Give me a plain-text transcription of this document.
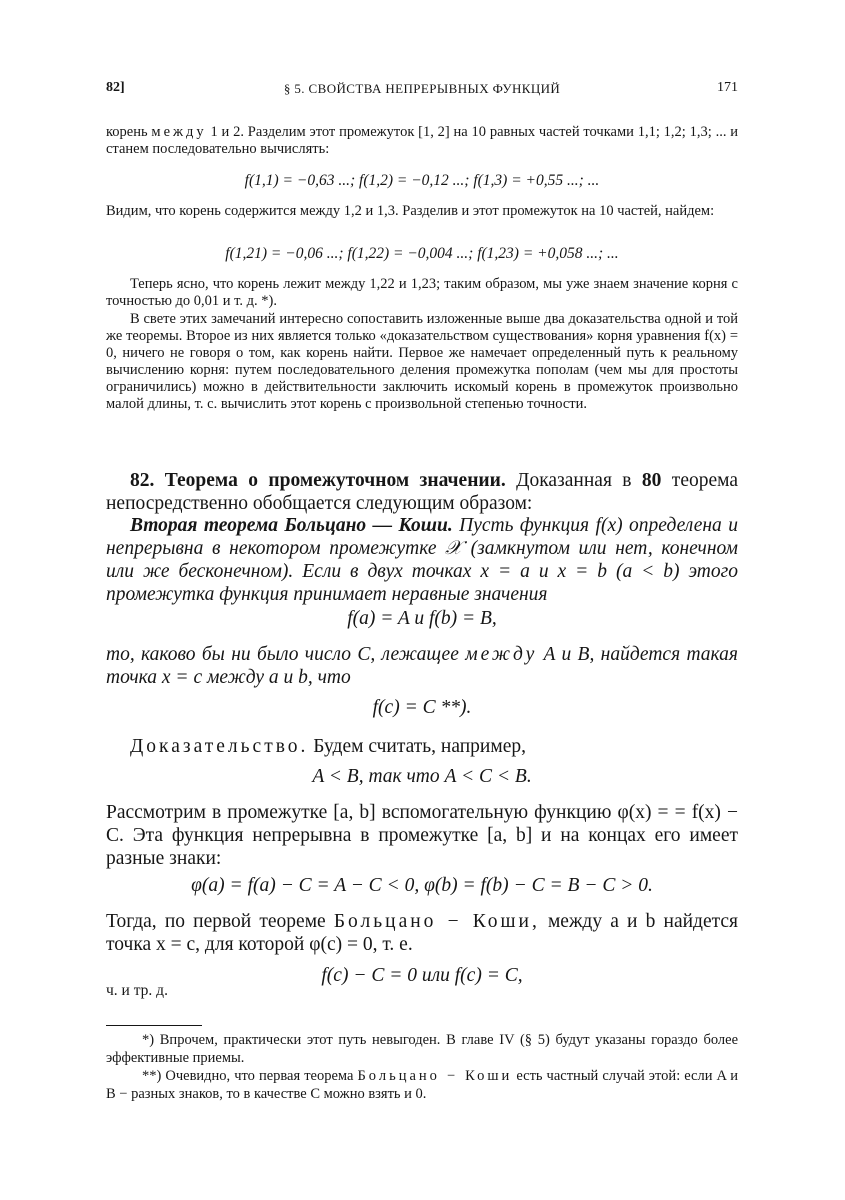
82]	§ 5. СВОЙСТВА НЕПРЕРЫВНЫХ ФУНКЦИЙ	171
корень между 1 и 2. Разделим этот промежуток [1, 2] на 10 равных частей точками 1,1; 1,2; 1,3; ... и станем последовательно вычислять:
f(1,1) = −0,63 ...; f(1,2) = −0,12 ...; f(1,3) = +0,55 ...; ...
Видим, что корень содержится между 1,2 и 1,3. Разделив и этот промежуток на 10 частей, найдем:
f(1,21) = −0,06 ...; f(1,22) = −0,004 ...; f(1,23) = +0,058 ...; ...
Теперь ясно, что корень лежит между 1,22 и 1,23; таким образом, мы уже знаем значение корня с точностью до 0,01 и т. д. *).
В свете этих замечаний интересно сопоставить изложенные выше два доказательства одной и той же теоремы. Второе из них является только «доказательством существования» корня уравнения f(x) = 0, ничего не говоря о том, как корень найти. Первое же намечает определенный путь к реальному вычислению корня: путем последовательного деления промежутка пополам (чем мы для простоты ограничились) можно в действительности заключить искомый корень в промежуток произвольно малой длины, т. с. вычислить этот корень с произвольной степенью точности.
82. Теорема о промежуточном значении. Доказанная в 80 теорема непосредственно обобщается следующим образом:
Вторая теорема Больцано — Коши. Пусть функция f(x) определена и непрерывна в некотором промежутке 𝒳 (замкнутом или нет, конечном или же бесконечном). Если в двух точках x = a и x = b (a < b) этого промежутка функция принимает неравные значения
f(a) = A и f(b) = B,
то, каково бы ни было число C, лежащее между A и B, найдется такая точка x = c между a и b, что
f(c) = C **).
Доказательство. Будем считать, например,
A < B, так что A < C < B.
Рассмотрим в промежутке [a, b] вспомогательную функцию φ(x) = = f(x) − C. Эта функция непрерывна в промежутке [a, b] и на концах его имеет разные знаки:
φ(a) = f(a) − C = A − C < 0, φ(b) = f(b) − C = B − C > 0.
Тогда, по первой теореме Больцано − Коши, между a и b найдется точка x = c, для которой φ(c) = 0, т. е.
f(c) − C = 0 или f(c) = C,
ч. и тр. д.
*) Впрочем, практически этот путь невыгоден. В главе IV (§ 5) будут указаны гораздо более эффективные приемы.
**) Очевидно, что первая теорема Больцано − Коши есть частный случай этой: если A и B − разных знаков, то в качестве C можно взять и 0.
